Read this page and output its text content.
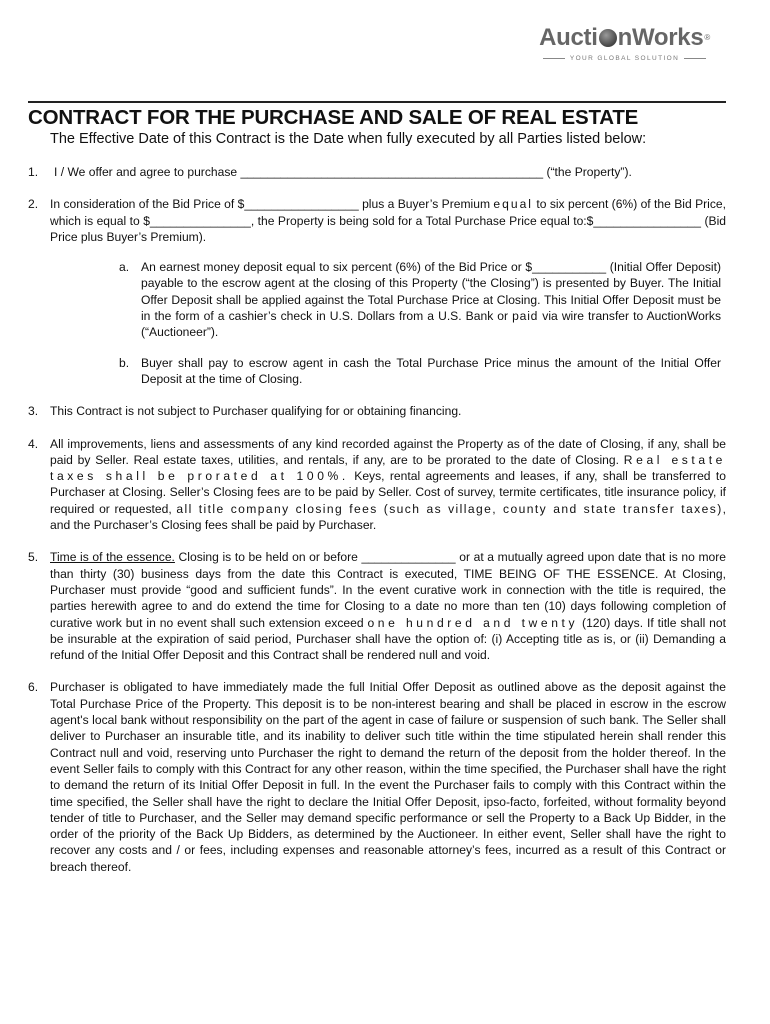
Aucti nWorks®
YOUR GLOBAL SOLUTION
CONTRACT FOR THE PURCHASE AND SALE OF REAL ESTATE

The Effective Date of this Contract is the Date when fully executed by all Parties listed below:

1.	I / We offer and agree to purchase _____________________________________________ (“the Property”).
2. In consideration of the Bid Price of $_________________ plus a Buyer’s Premium equal to six percent (6%) of the Bid Price, which is equal to $_______________, the Property is being sold for a Total Purchase Price equal to:$________________ (Bid Price plus Buyer’s Premium).
a. An earnest money deposit equal to six percent (6%) of the Bid Price or $___________ (Initial Offer Deposit) payable to the escrow agent at the closing of this Property (“the Closing”) is presented by Buyer. The Initial Offer Deposit shall be applied against the Total Purchase Price at Closing. This Initial Offer Deposit must be in the form of a cashier’s check in U.S. Dollars from a U.S. Bank or paid via wire transfer to AuctionWorks (“Auctioneer”).
b. Buyer shall pay to escrow agent in cash the Total Purchase Price minus the amount of the Initial Offer Deposit at the time of Closing.
3. This Contract is not subject to Purchaser qualifying for or obtaining financing.
4. All improvements, liens and assessments of any kind recorded against the Property as of the date of Closing, if any, shall be paid by Seller. Real estate taxes, utilities, and rentals, if any, are to be prorated to the date of Closing. Real estate taxes shall be prorated at 100%. Keys, rental agreements and leases, if any, shall be transferred to Purchaser at Closing. Seller’s Closing fees are to be paid by Seller. Cost of survey, termite certificates, title insurance policy, if required or requested, all title company closing fees (such as village, county and state transfer taxes), and the Purchaser’s Closing fees shall be paid by Purchaser.
5. Time is of the essence. Closing is to be held on or before ______________ or at a mutually agreed upon date that is no more than thirty (30) business days from the date this Contract is executed, TIME BEING OF THE ESSENCE. At Closing, Purchaser must provide “good and sufficient funds”. In the event curative work in connection with the title is required, the parties herewith agree to and do extend the time for Closing to a date no more than ten (10) days following completion of curative work but in no event shall such extension exceed one hundred and twenty (120) days. If title shall not be insurable at the expiration of said period, Purchaser shall have the option of: (i) Accepting title as is, or (ii) Demanding a refund of the Initial Offer Deposit and this Contract shall be rendered null and void.
6. Purchaser is obligated to have immediately made the full Initial Offer Deposit as outlined above as the deposit against the Total Purchase Price of the Property. This deposit is to be non-interest bearing and shall be placed in escrow in the escrow agent's local bank without responsibility on the part of the agent in case of failure or suspension of such bank. The Seller shall deliver to Purchaser an insurable title, and its inability to deliver such title within the time stipulated herein shall render this Contract null and void, reserving unto Purchaser the right to demand the return of the deposit from the holder thereof. In the event Seller fails to comply with this Contract for any other reason, within the time specified, the Purchaser shall have the right to demand the return of its Initial Offer Deposit in full. In the event the Purchaser fails to comply with this Contract within the time specified, the Seller shall have the right to declare the Initial Offer Deposit, ipso-facto, forfeited, without formality beyond tender of title to Purchaser, and the Seller may demand specific performance or sell the Property to a Back Up Bidder, in the order of the priority of the Back Up Bidders, as determined by the Auctioneer. In either event, Seller shall have the right to recover any costs and / or fees, including expenses and reasonable attorney’s fees, incurred as a result of this Contract or breach thereof.
